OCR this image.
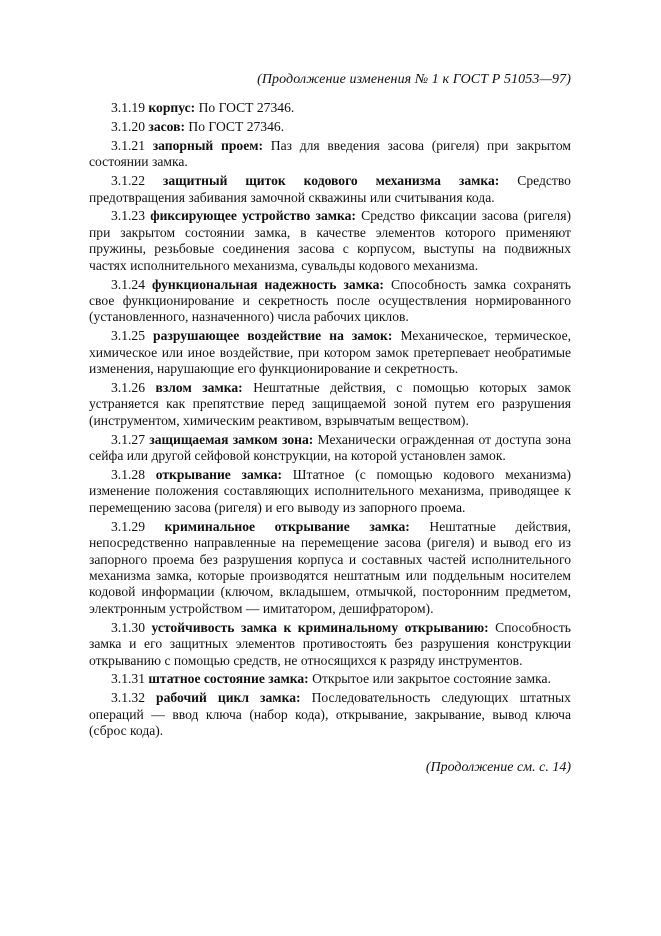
(Продолжение изменения № 1 к ГОСТ Р 51053—97)

3.1.19 корпус: По ГОСТ 27346.

3.1.20 засов: По ГОСТ 27346.

3.1.21 запорный проем: Паз для введения засова (ригеля) при закрытом состоянии замка.

3.1.22 защитный щиток кодового механизма замка: Средство предотвращения забивания замочной скважины или считывания кода.

3.1.23 фиксирующее устройство замка: Средство фиксации засова (ригеля) при закрытом состоянии замка, в качестве элементов которого применяют пружины, резьбовые соединения засова с корпусом, выступы на подвижных частях исполнительного механизма, сувальды кодового механизма.

3.1.24 функциональная надежность замка: Способность замка сохранять свое функционирование и секретность после осуществления нормированного (установленного, назначенного) числа рабочих циклов.

3.1.25 разрушающее воздействие на замок: Механическое, термическое, химическое или иное воздействие, при котором замок претерпевает необратимые изменения, нарушающие его функционирование и секретность.

3.1.26 взлом замка: Нештатные действия, с помощью которых замок устраняется как препятствие перед защищаемой зоной путем его разрушения (инструментом, химическим реактивом, взрывчатым веществом).

3.1.27 защищаемая замком зона: Механически огражденная от доступа зона сейфа или другой сейфовой конструкции, на которой установлен замок.

3.1.28 открывание замка: Штатное (с помощью кодового механизма) изменение положения составляющих исполнительного механизма, приводящее к перемещению засова (ригеля) и его выводу из запорного проема.

3.1.29 криминальное открывание замка: Нештатные действия, непосредственно направленные на перемещение засова (ригеля) и вывод его из запорного проема без разрушения корпуса и составных частей исполнительного механизма замка, которые производятся нештатным или поддельным носителем кодовой информации (ключом, вкладышем, отмычкой, посторонним предметом, электронным устройством — имитатором, дешифратором).

3.1.30 устойчивость замка к криминальному открыванию: Способность замка и его защитных элементов противостоять без разрушения конструкции открыванию с помощью средств, не относящихся к разряду инструментов.

3.1.31 штатное состояние замка: Открытое или закрытое состояние замка.

3.1.32 рабочий цикл замка: Последовательность следующих штатных операций — ввод ключа (набор кода), открывание, закрывание, вывод ключа (сброс кода).

(Продолжение см. с. 14)
